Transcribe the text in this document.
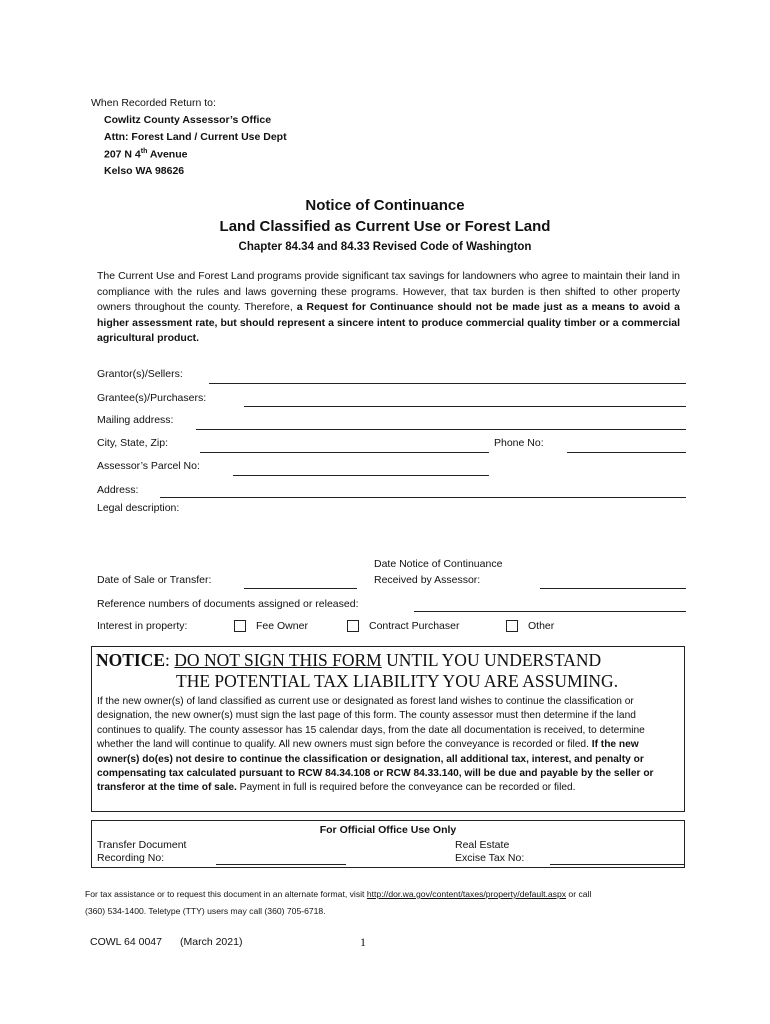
When Recorded Return to:
Cowlitz County Assessor’s Office
Attn: Forest Land / Current Use Dept
207 N 4th Avenue
Kelso WA 98626
Notice of Continuance
Land Classified as Current Use or Forest Land
Chapter 84.34 and 84.33 Revised Code of Washington
The Current Use and Forest Land programs provide significant tax savings for landowners who agree to maintain their land in compliance with the rules and laws governing these programs. However, that tax burden is then shifted to other property owners throughout the county. Therefore, a Request for Continuance should not be made just as a means to avoid a higher assessment rate, but should represent a sincere intent to produce commercial quality timber or a commercial agricultural product.
Grantor(s)/Sellers:
Grantee(s)/Purchasers:
Mailing address:
City, State, Zip:	Phone No:
Assessor’s Parcel No:
Address:
Legal description:
Date Notice of Continuance
Received by Assessor:
Date of Sale or Transfer:
Reference numbers of documents assigned or released:
Interest in property:	Fee Owner	Contract Purchaser	Other
NOTICE: DO NOT SIGN THIS FORM UNTIL YOU UNDERSTAND
THE POTENTIAL TAX LIABILITY YOU ARE ASSUMING.
If the new owner(s) of land classified as current use or designated as forest land wishes to continue the classification or designation, the new owner(s) must sign the last page of this form. The county assessor must then determine if the land continues to qualify. The county assessor has 15 calendar days, from the date all documentation is received, to determine whether the land will continue to qualify. All new owners must sign before the conveyance is recorded or filed. If the new owner(s) do(es) not desire to continue the classification or designation, all additional tax, interest, and penalty or compensating tax calculated pursuant to RCW 84.34.108 or RCW 84.33.140, will be due and payable by the seller or transferor at the time of sale. Payment in full is required before the conveyance can be recorded or filed.
For Official Office Use Only
Transfer Document
Recording No:
Real Estate
Excise Tax No:
For tax assistance or to request this document in an alternate format, visit http://dor.wa.gov/content/taxes/property/default.aspx or call
(360) 534-1400. Teletype (TTY) users may call (360) 705-6718.
COWL 64 0047 (March 2021)	1
